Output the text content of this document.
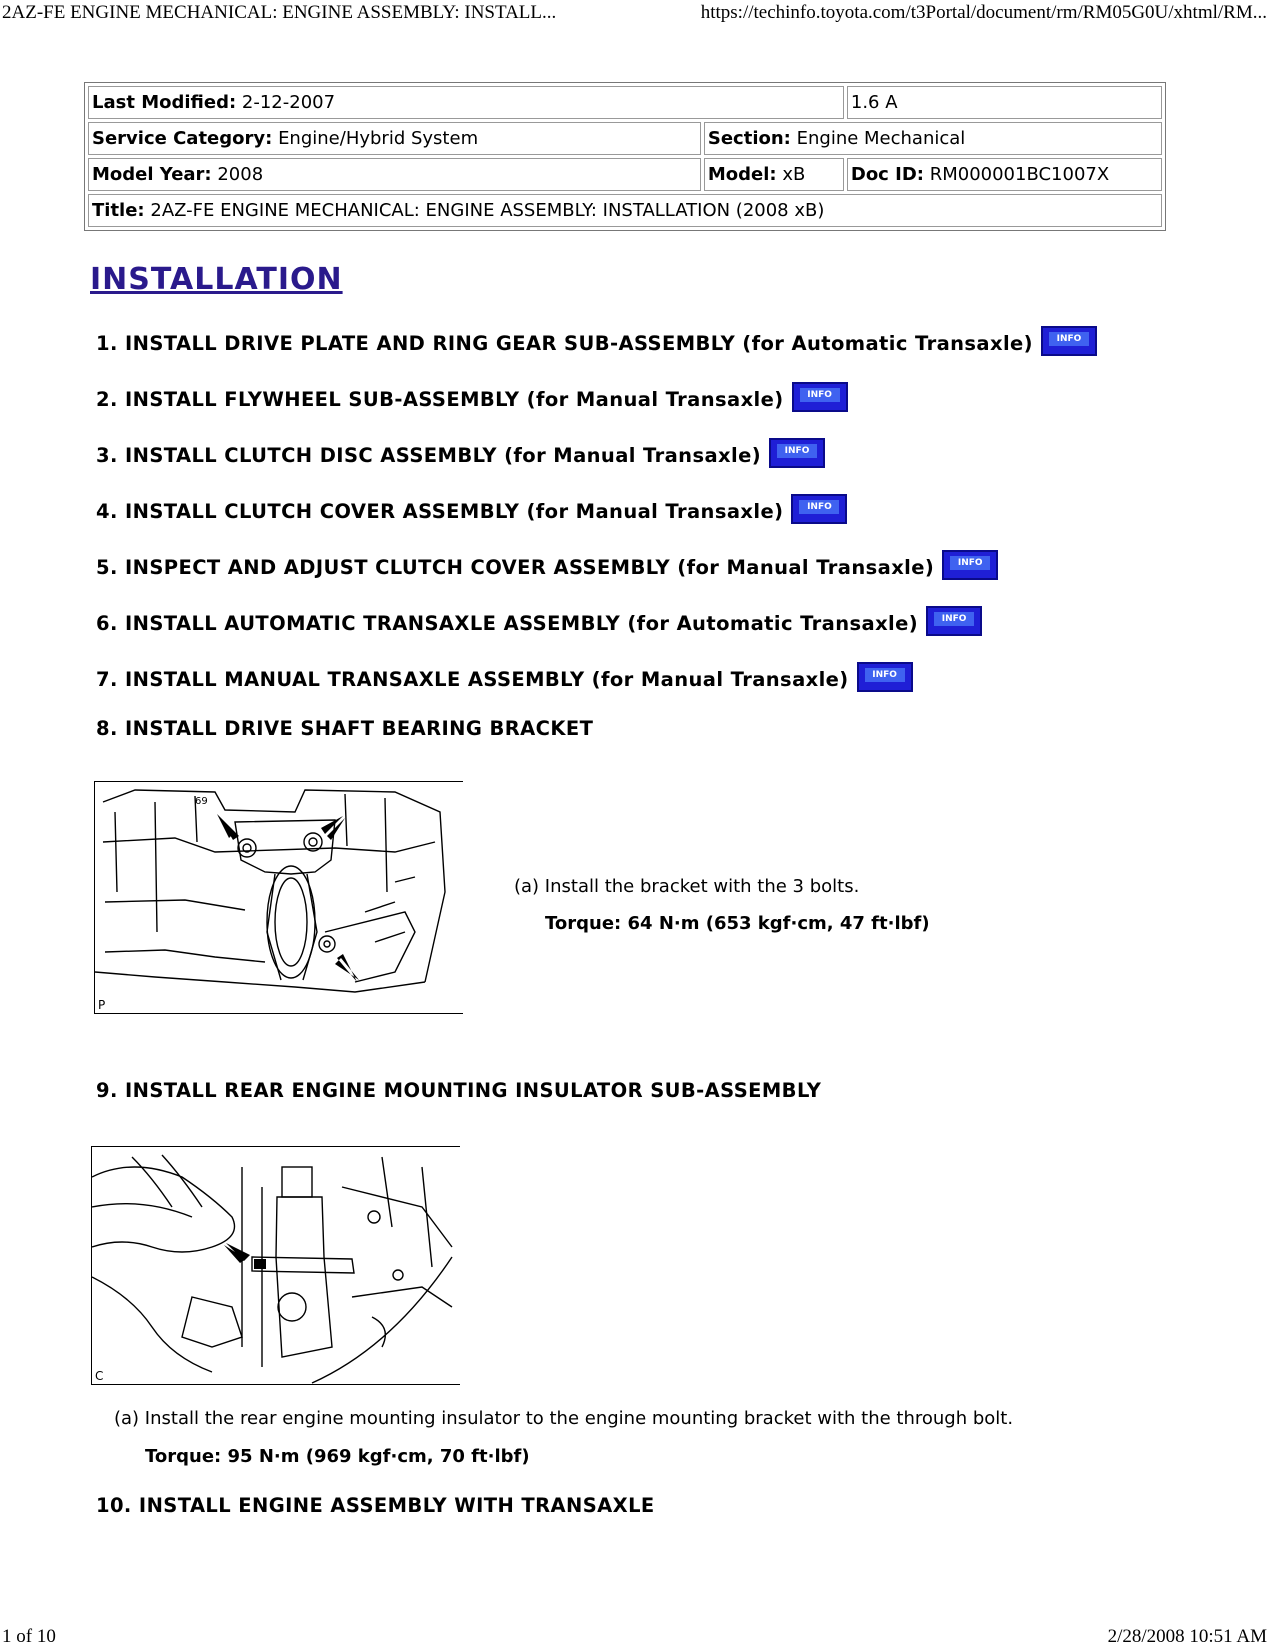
2AZ-FE ENGINE MECHANICAL: ENGINE ASSEMBLY: INSTALL...	https://techinfo.toyota.com/t3Portal/document/rm/RM05G0U/xhtml/RM...
Last Modified: 2-12-2007		1.6 A
Service Category: Engine/Hybrid System	Section: Engine Mechanical	
Model Year: 2008	Model: xB	Doc ID: RM000001BC1007X
Title: 2AZ-FE ENGINE MECHANICAL: ENGINE ASSEMBLY: INSTALLATION (2008 xB)		
INSTALLATION

1. INSTALL DRIVE PLATE AND RING GEAR SUB-ASSEMBLY (for Automatic Transaxle)	INFO

2. INSTALL FLYWHEEL SUB-ASSEMBLY (for Manual Transaxle)	INFO

3. INSTALL CLUTCH DISC ASSEMBLY (for Manual Transaxle)	INFO

4. INSTALL CLUTCH COVER ASSEMBLY (for Manual Transaxle)	INFO

5. INSPECT AND ADJUST CLUTCH COVER ASSEMBLY (for Manual Transaxle)	INFO

6. INSTALL AUTOMATIC TRANSAXLE ASSEMBLY (for Automatic Transaxle)	INFO

7. INSTALL MANUAL TRANSAXLE ASSEMBLY (for Manual Transaxle)	INFO

8. INSTALL DRIVE SHAFT BEARING BRACKET

69
P

(a) Install the bracket with the 3 bolts.

Torque: 64 N·m (653 kgf·cm, 47 ft·lbf)

9. INSTALL REAR ENGINE MOUNTING INSULATOR SUB-ASSEMBLY

C

(a) Install the rear engine mounting insulator to the engine mounting bracket with the through bolt.

Torque: 95 N·m (969 kgf·cm, 70 ft·lbf)

10. INSTALL ENGINE ASSEMBLY WITH TRANSAXLE

1 of 10	2/28/2008 10:51 AM
